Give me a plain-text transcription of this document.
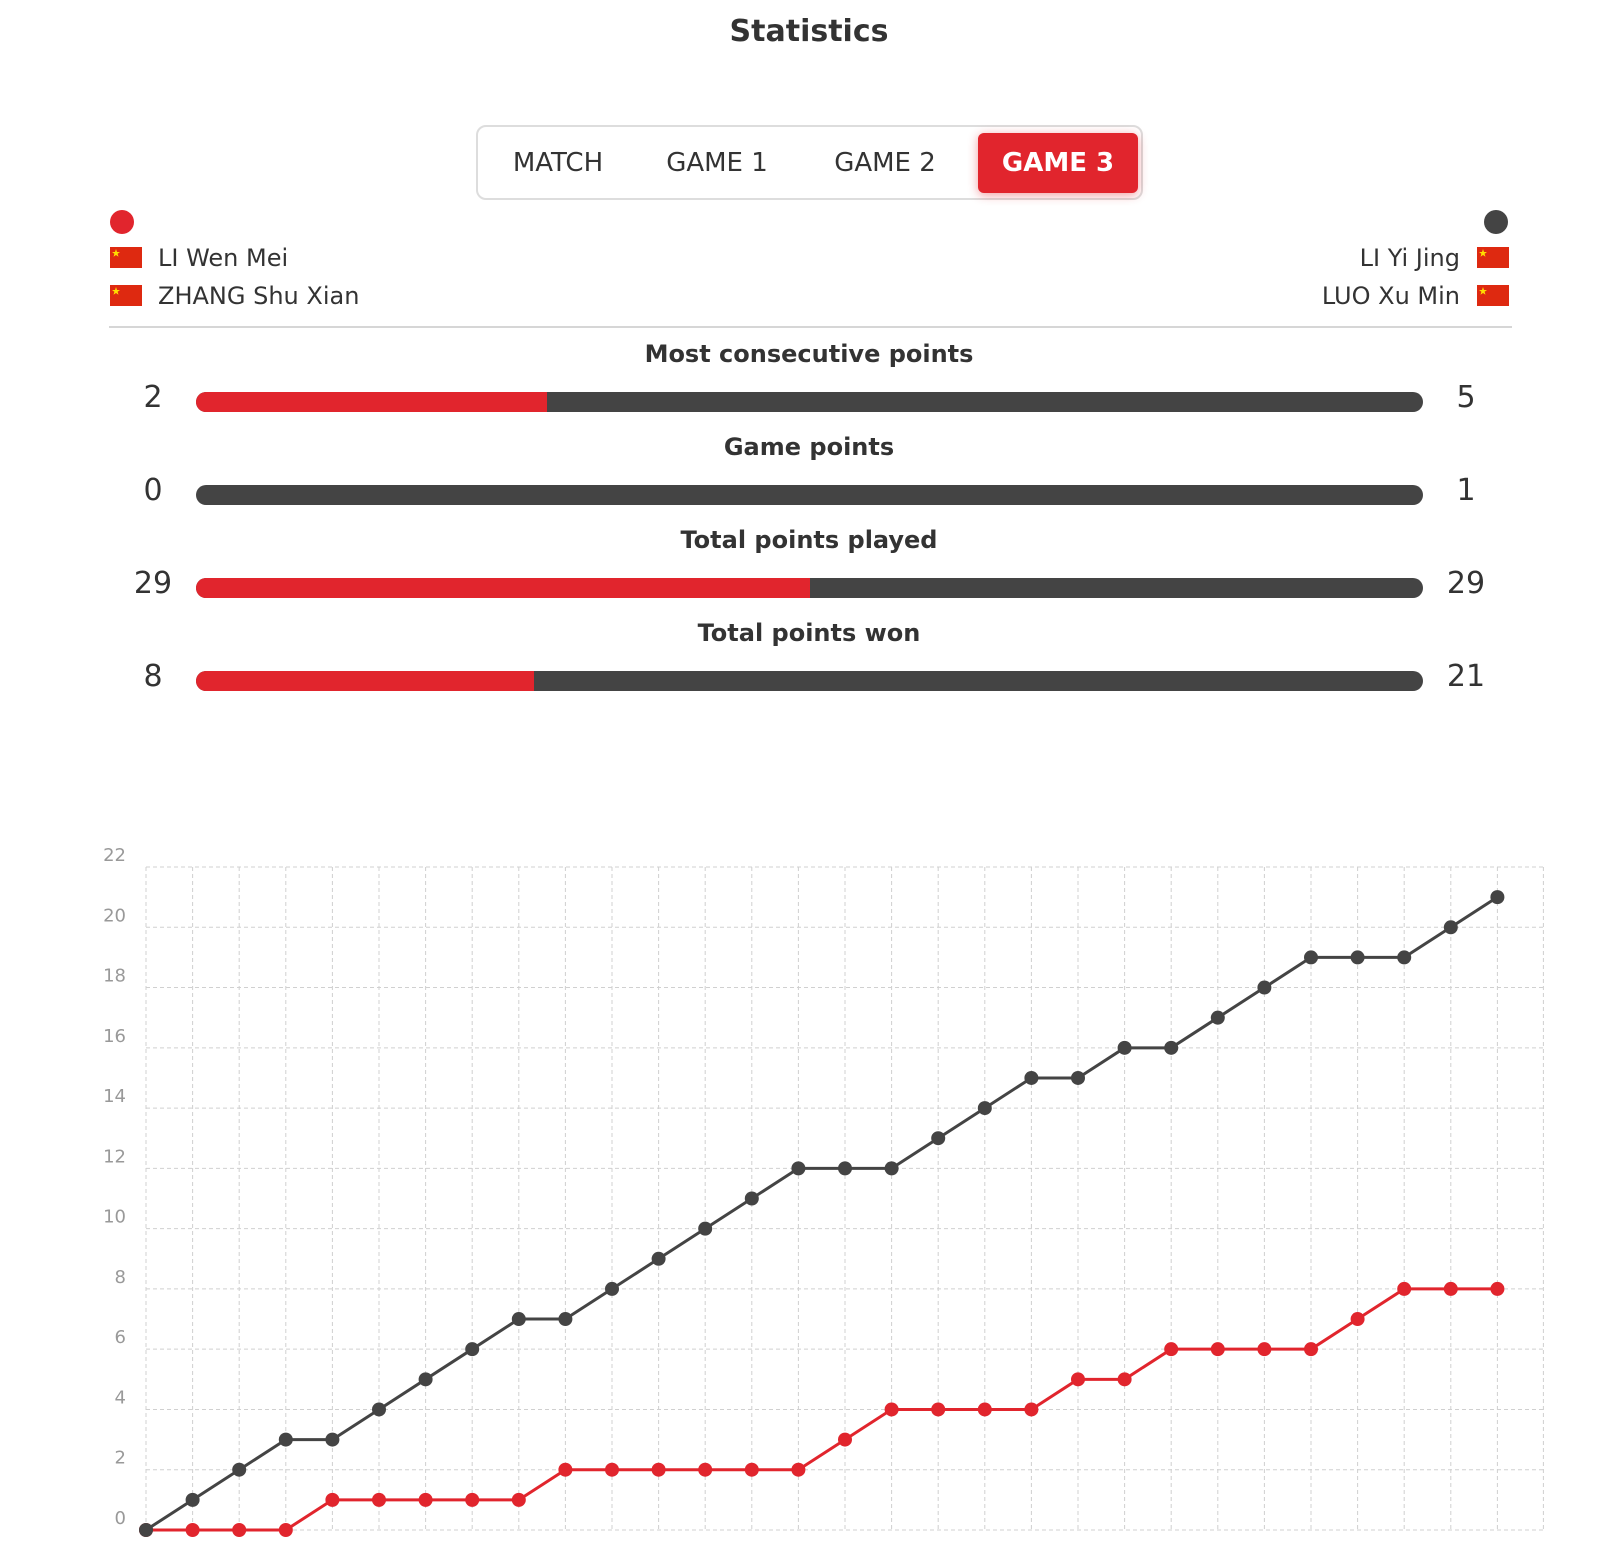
Statistics
MATCH	GAME 1	GAME 2	GAME 3
LI Wen Mei
ZHANG Shu Xian
LI Yi Jing
LUO Xu Min
Most consecutive points
2	5
Game points
0	1
Total points played
29	29
Total points won
8	21
0
2
4
6
8
10
12
14
16
18
20
22
